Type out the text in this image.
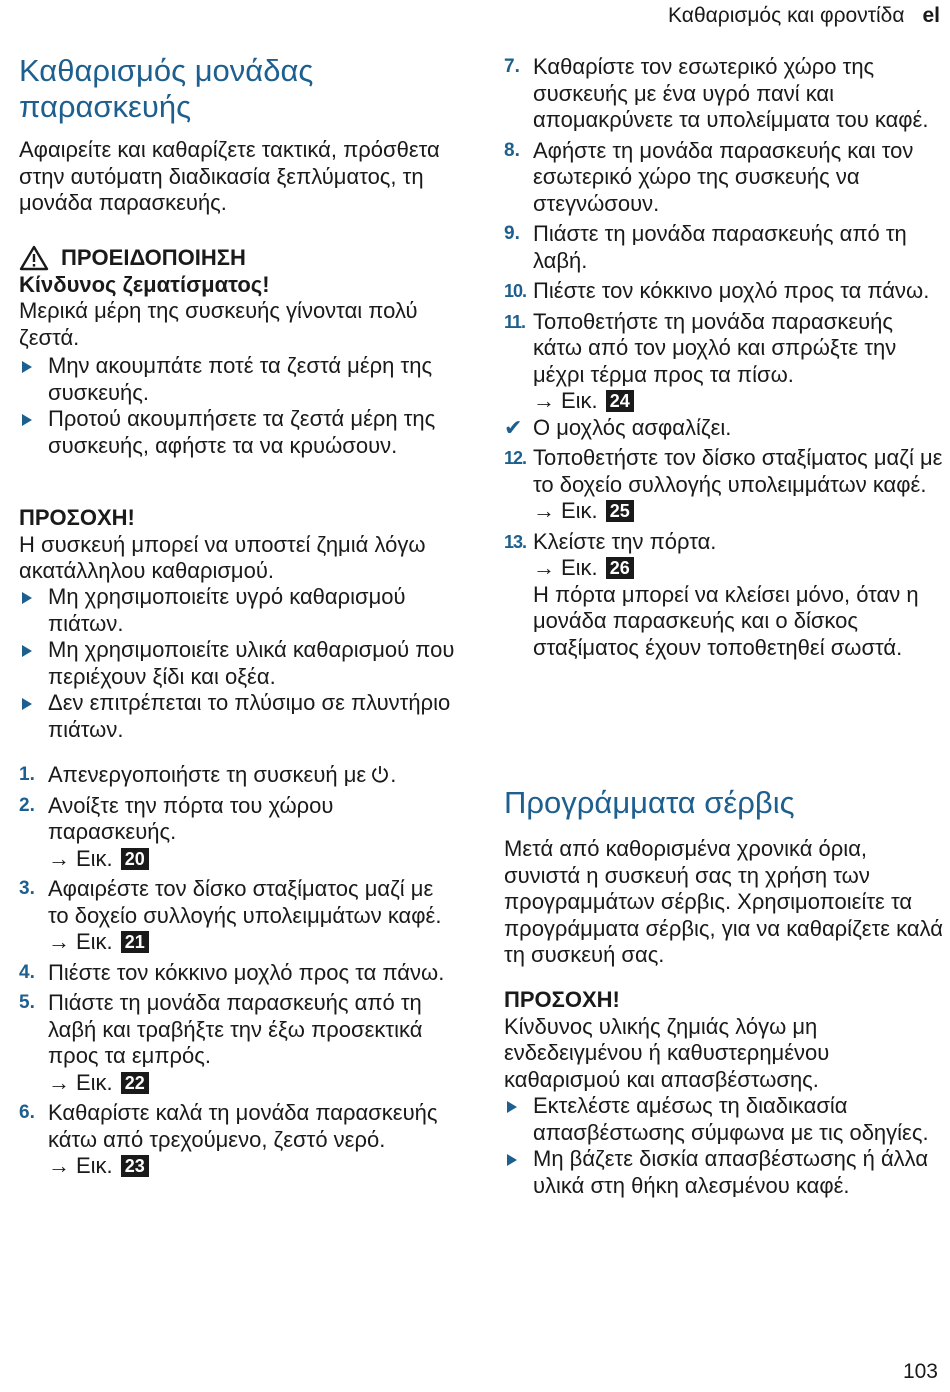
Καθαρισμός και φροντίδα el
Καθαρισμός μονάδας
παρασκευής

Αφαιρείτε και καθαρίζετε τακτικά, πρόσθετα στην αυτόματη διαδικασία ξεπλύματος, τη μονάδα παρασκευής.

ΠΡΟΕΙΔΟΠΟΙΗΣΗ
Κίνδυνος ζεματίσματος!
Μερικά μέρη της συσκευής γίνονται πολύ ζεστά.
Μην ακουμπάτε ποτέ τα ζεστά μέρη της συσκευής.
Προτού ακουμπήσετε τα ζεστά μέρη της συσκευής, αφήστε τα να κρυώσουν.
ΠΡΟΣΟΧΗ!
Η συσκευή μπορεί να υποστεί ζημιά λόγω ακατάλληλου καθαρισμού.
Μη χρησιμοποιείτε υγρό καθαρισμού πιάτων.
Μη χρησιμοποιείτε υλικά καθαρισμού που περιέχουν ξίδι και οξέα.
Δεν επιτρέπεται το πλύσιμο σε πλυντήριο πιάτων.
1. Απενεργοποιήστε τη συσκευή με .
2. Ανοίξτε την πόρτα του χώρου παρασκευής.
→ Εικ. 20
3. Αφαιρέστε τον δίσκο σταξίματος μαζί με το δοχείο συλλογής υπολειμμάτων καφέ.
→ Εικ. 21
4. Πιέστε τον κόκκινο μοχλό προς τα πάνω.
5. Πιάστε τη μονάδα παρασκευής από τη λαβή και τραβήξτε την έξω προσεκτικά προς τα εμπρός.
→ Εικ. 22
6. Καθαρίστε καλά τη μονάδα παρασκευής κάτω από τρεχούμενο, ζεστό νερό.
→ Εικ. 23
7. Καθαρίστε τον εσωτερικό χώρο της συσκευής με ένα υγρό πανί και απομακρύνετε τα υπολείμματα του καφέ.
8. Αφήστε τη μονάδα παρασκευής και τον εσωτερικό χώρο της συσκευής να στεγνώσουν.
9. Πιάστε τη μονάδα παρασκευής από τη λαβή.
10. Πιέστε τον κόκκινο μοχλό προς τα πάνω.
11. Τοποθετήστε τη μονάδα παρασκευής κάτω από τον μοχλό και σπρώξτε την μέχρι τέρμα προς τα πίσω.
→ Εικ. 24
✔ Ο μοχλός ασφαλίζει.
12. Τοποθετήστε τον δίσκο σταξίματος μαζί με το δοχείο συλλογής υπολειμμάτων καφέ.
→ Εικ. 25
13. Κλείστε την πόρτα.
→ Εικ. 26
Η πόρτα μπορεί να κλείσει μόνο, όταν η μονάδα παρασκευής και ο δίσκος σταξίματος έχουν τοποθετηθεί σωστά.
Προγράμματα σέρβις

Μετά από καθορισμένα χρονικά όρια, συνιστά η συσκευή σας τη χρήση των προγραμμάτων σέρβις. Χρησιμοποιείτε τα προγράμματα σέρβις, για να καθαρίζετε καλά τη συσκευή σας.

ΠΡΟΣΟΧΗ!
Κίνδυνος υλικής ζημιάς λόγω μη ενδεδειγμένου ή καθυστερημένου καθαρισμού και απασβέστωσης.
Εκτελέστε αμέσως τη διαδικασία απασβέστωσης σύμφωνα με τις οδηγίες.
Μη βάζετε δισκία απασβέστωσης ή άλλα υλικά στη θήκη αλεσμένου καφέ.
103
